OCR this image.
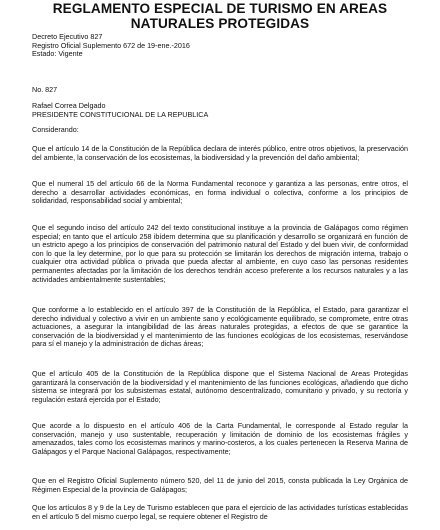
REGLAMENTO ESPECIAL DE TURISMO EN AREAS
NATURALES PROTEGIDAS
Decreto Ejecutivo 827
Registro Oficial Suplemento 672 de 19-ene.-2016
Estado: Vigente
No. 827
Rafael Correa Delgado
PRESIDENTE CONSTITUCIONAL DE LA REPUBLICA
Considerando:

Que el artículo 14 de la Constitución de la República declara de interés público, entre otros objetivos, la preservación del ambiente, la conservación de los ecosistemas, la biodiversidad y la prevención del daño ambiental;

Que el numeral 15 del artículo 66 de la Norma Fundamental reconoce y garantiza a las personas, entre otros, el derecho a desarrollar actividades económicas, en forma individual o colectiva, conforme a los principios de solidaridad, responsabilidad social y ambiental;

Que el segundo inciso del artículo 242 del texto constitucional instituye a la provincia de Galápagos como régimen especial; en tanto que el artículo 258 ibídem determina que su planificación y desarrollo se organizará en función de un estricto apego a los principios de conservación del patrimonio natural del Estado y del buen vivir, de conformidad con lo que la ley determine, por lo que para su protección se limitarán los derechos de migración interna, trabajo o cualquier otra actividad pública o privada que pueda afectar al ambiente, en cuyo caso las personas residentes permanentes afectadas por la limitación de los derechos tendrán acceso preferente a los recursos naturales y a las actividades ambientalmente sustentables;

Que conforme a lo establecido en el artículo 397 de la Constitución de la República, el Estado, para garantizar el derecho individual y colectivo a vivir en un ambiente sano y ecológicamente equilibrado, se compromete, entre otras actuaciones, a asegurar la intangibilidad de las áreas naturales protegidas, a efectos de que se garantice la conservación de la biodiversidad y el mantenimiento de las funciones ecológicas de los ecosistemas, reservándose para sí el manejo y la administración de dichas áreas;

Que el artículo 405 de la Constitución de la República dispone que el Sistema Nacional de Areas Protegidas garantizará la conservación de la biodiversidad y el mantenimiento de las funciones ecológicas, añadiendo que dicho sistema se integrará por los subsistemas estatal, autónomo descentralizado, comunitario y privado, y su rectoría y regulación estará ejercida por el Estado;

Que acorde a lo dispuesto en el artículo 406 de la Carta Fundamental, le corresponde al Estado regular la conservación, manejo y uso sustentable, recuperación y limitación de dominio de los ecosistemas frágiles y amenazados, tales como los ecosistemas marinos y marino-costeros, a los cuales pertenecen la Reserva Marina de Galápagos y el Parque Nacional Galápagos, respectivamente;

Que en el Registro Oficial Suplemento número 520, del 11 de junio del 2015, consta publicada la Ley Orgánica de Régimen Especial de la provincia de Galápagos;

Que los artículos 8 y 9 de la Ley de Turismo establecen que para el ejercicio de las actividades turísticas establecidas en el artículo 5 del mismo cuerpo legal, se requiere obtener el Registro de
